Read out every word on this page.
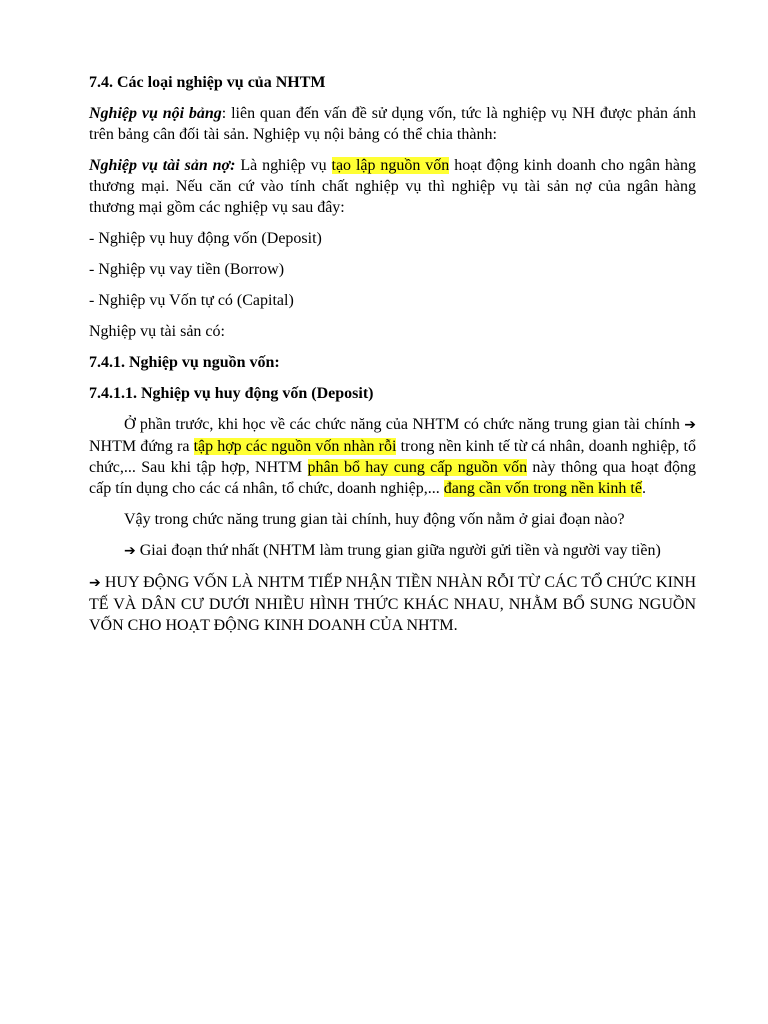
7.4. Các loại nghiệp vụ của NHTM

Nghiệp vụ nội bảng: liên quan đến vấn đề sử dụng vốn, tức là nghiệp vụ NH được phản ánh trên bảng cân đối tài sản. Nghiệp vụ nội bảng có thể chia thành:

Nghiệp vụ tài sản nợ: Là nghiệp vụ tạo lập nguồn vốn hoạt động kinh doanh cho ngân hàng thương mại. Nếu căn cứ vào tính chất nghiệp vụ thì nghiệp vụ tài sản nợ của ngân hàng thương mại gồm các nghiệp vụ sau đây:

- Nghiệp vụ huy động vốn (Deposit)

- Nghiệp vụ vay tiền (Borrow)

- Nghiệp vụ Vốn tự có (Capital)

Nghiệp vụ tài sản có:

7.4.1. Nghiệp vụ nguồn vốn:

7.4.1.1. Nghiệp vụ huy động vốn (Deposit)

Ở phần trước, khi học về các chức năng của NHTM có chức năng trung gian tài chính ➔ NHTM đứng ra tập hợp các nguồn vốn nhàn rỗi trong nền kinh tế từ cá nhân, doanh nghiệp, tổ chức,... Sau khi tập hợp, NHTM phân bổ hay cung cấp nguồn vốn này thông qua hoạt động cấp tín dụng cho các cá nhân, tổ chức, doanh nghiệp,... đang cần vốn trong nền kinh tế.

Vậy trong chức năng trung gian tài chính, huy động vốn nằm ở giai đoạn nào?

➔ Giai đoạn thứ nhất (NHTM làm trung gian giữa người gửi tiền và người vay tiền)

➔ HUY ĐỘNG VỐN LÀ NHTM TIẾP NHẬN TIỀN NHÀN RỖI TỪ CÁC TỔ CHỨC KINH TẾ VÀ DÂN CƯ DƯỚI NHIỀU HÌNH THỨC KHÁC NHAU, NHẰM BỔ SUNG NGUỒN VỐN CHO HOẠT ĐỘNG KINH DOANH CỦA NHTM.
